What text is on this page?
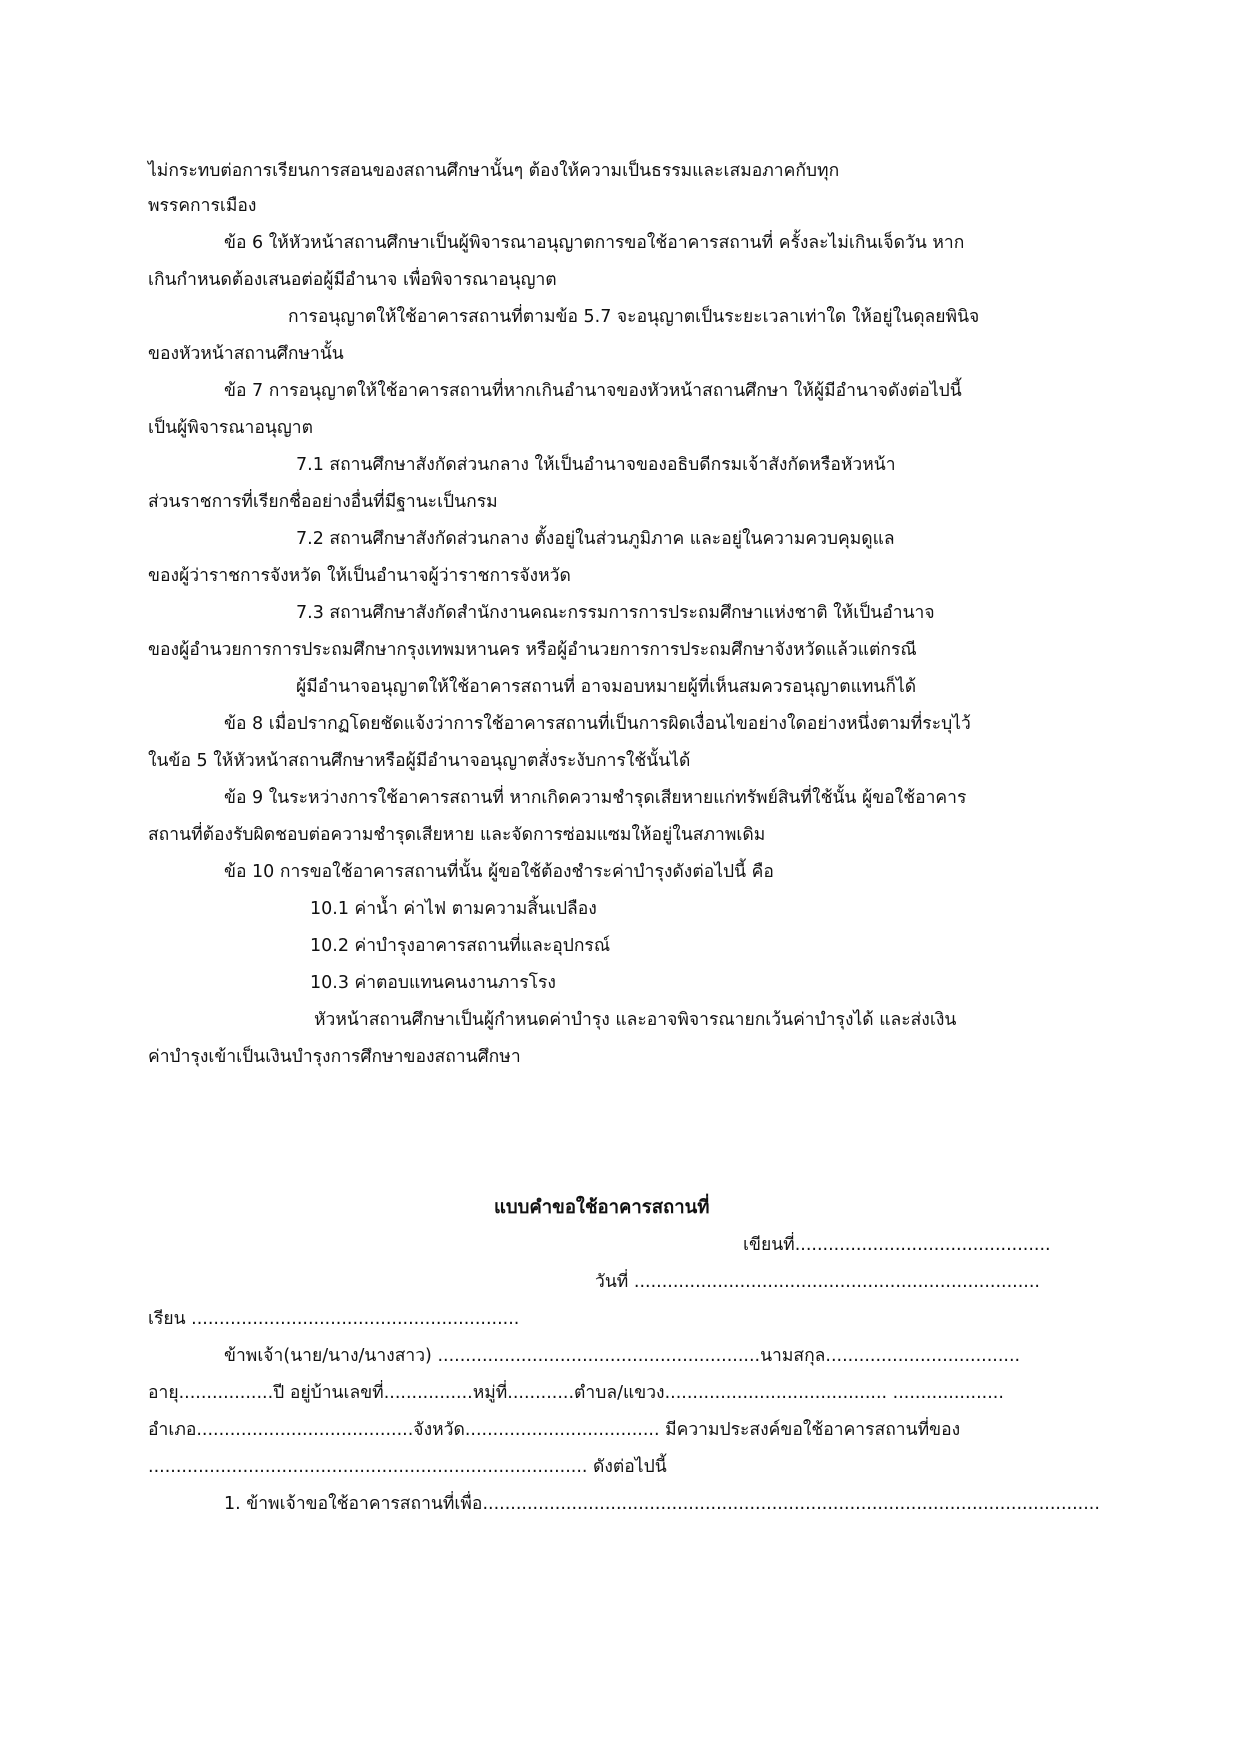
ไม่กระทบต่อการเรียนการสอนของสถานศึกษานั้นๆ ต้องให้ความเป็นธรรมและเสมอภาคกับทุก
พรรคการเมือง
ข้อ 6 ให้หัวหน้าสถานศึกษาเป็นผู้พิจารณาอนุญาตการขอใช้อาคารสถานที่ ครั้งละไม่เกินเจ็ดวัน หาก
เกินกำหนดต้องเสนอต่อผู้มีอำนาจ เพื่อพิจารณาอนุญาต
การอนุญาตให้ใช้อาคารสถานที่ตามข้อ 5.7 จะอนุญาตเป็นระยะเวลาเท่าใด ให้อยู่ในดุลยพินิจ
ของหัวหน้าสถานศึกษานั้น
ข้อ 7 การอนุญาตให้ใช้อาคารสถานที่หากเกินอำนาจของหัวหน้าสถานศึกษา ให้ผู้มีอำนาจดังต่อไปนี้
เป็นผู้พิจารณาอนุญาต
7.1 สถานศึกษาสังกัดส่วนกลาง ให้เป็นอำนาจของอธิบดีกรมเจ้าสังกัดหรือหัวหน้า
ส่วนราชการที่เรียกชื่ออย่างอื่นที่มีฐานะเป็นกรม
7.2 สถานศึกษาสังกัดส่วนกลาง ตั้งอยู่ในส่วนภูมิภาค และอยู่ในความควบคุมดูแล
ของผู้ว่าราชการจังหวัด ให้เป็นอำนาจผู้ว่าราชการจังหวัด
7.3 สถานศึกษาสังกัดสำนักงานคณะกรรมการการประถมศึกษาแห่งชาติ ให้เป็นอำนาจ
ของผู้อำนวยการการประถมศึกษากรุงเทพมหานคร หรือผู้อำนวยการการประถมศึกษาจังหวัดแล้วแต่กรณี
ผู้มีอำนาจอนุญาตให้ใช้อาคารสถานที่ อาจมอบหมายผู้ที่เห็นสมควรอนุญาตแทนก็ได้
ข้อ 8 เมื่อปรากฏโดยชัดแจ้งว่าการใช้อาคารสถานที่เป็นการผิดเงื่อนไขอย่างใดอย่างหนึ่งตามที่ระบุไว้
ในข้อ 5 ให้หัวหน้าสถานศึกษาหรือผู้มีอำนาจอนุญาตสั่งระงับการใช้นั้นได้
ข้อ 9 ในระหว่างการใช้อาคารสถานที่ หากเกิดความชำรุดเสียหายแก่ทรัพย์สินที่ใช้นั้น ผู้ขอใช้อาคาร
สถานที่ต้องรับผิดชอบต่อความชำรุดเสียหาย และจัดการซ่อมแซมให้อยู่ในสภาพเดิม
ข้อ 10 การขอใช้อาคารสถานที่นั้น ผู้ขอใช้ต้องชำระค่าบำรุงดังต่อไปนี้ คือ
10.1 ค่าน้ำ ค่าไฟ ตามความสิ้นเปลือง
10.2 ค่าบำรุงอาคารสถานที่และอุปกรณ์
10.3 ค่าตอบแทนคนงานภารโรง
หัวหน้าสถานศึกษาเป็นผู้กำหนดค่าบำรุง และอาจพิจารณายกเว้นค่าบำรุงได้ และส่งเงิน
ค่าบำรุงเข้าเป็นเงินบำรุงการศึกษาของสถานศึกษา
แบบคำขอใช้อาคารสถานที่
เขียนที่..............................................
วันที่ .........................................................................
เรียน ...........................................................
ข้าพเจ้า(นาย/นาง/นางสาว) ..........................................................นามสกุล...................................
อายุ.................ปี อยู่บ้านเลขที่................หมู่ที่............ตำบล/แขวง........................................ ....................
อำเภอ.......................................จังหวัด................................... มีความประสงค์ขอใช้อาคารสถานที่ของ
............................................................................... ดังต่อไปนี้
1. ข้าพเจ้าขอใช้อาคารสถานที่เพื่อ...............................................................................................................
